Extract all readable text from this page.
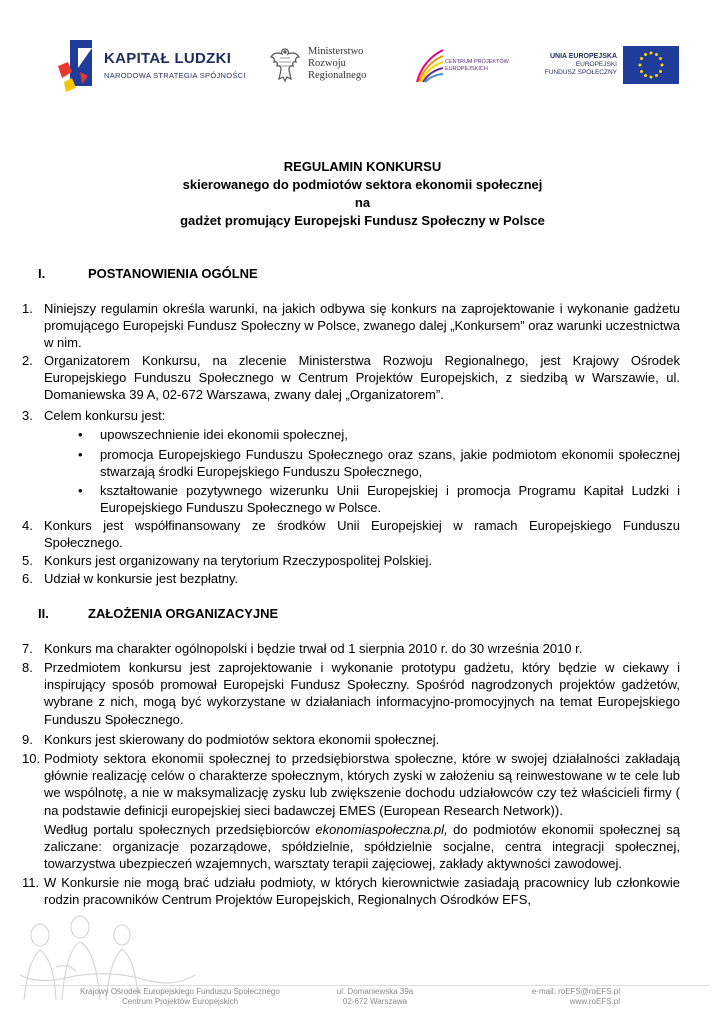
KAPITAŁ LUDZKI
NARODOWA STRATEGIA SPÓJNOŚCI
Ministerstwo
Rozwoju
Regionalnego
CENTRUM PROJEKTÓW
EUROPEJSKICH
UNIA EUROPEJSKA
EUROPEJSKI
FUNDUSZ SPOŁECZNY
REGULAMIN KONKURSU
skierowanego do podmiotów sektora ekonomii społecznej
na
gadżet promujący Europejski Fundusz Społeczny w Polsce
I.	POSTANOWIENIA OGÓLNE
1. Niniejszy regulamin określa warunki, na jakich odbywa się konkurs na zaprojektowanie i wykonanie gadżetu promującego Europejski Fundusz Społeczny w Polsce, zwanego dalej „Konkursem” oraz warunki uczestnictwa w nim.
2. Organizatorem Konkursu, na zlecenie Ministerstwa Rozwoju Regionalnego, jest Krajowy Ośrodek Europejskiego Funduszu Społecznego w Centrum Projektów Europejskich, z siedzibą w Warszawie, ul. Domaniewska 39 A, 02-672 Warszawa, zwany dalej „Organizatorem”.
3. Celem konkursu jest:
• upowszechnienie idei ekonomii społecznej,
• promocja Europejskiego Funduszu Społecznego oraz szans, jakie podmiotom ekonomii społecznej stwarzają środki Europejskiego Funduszu Społecznego,
• kształtowanie pozytywnego wizerunku Unii Europejskiej i promocja Programu Kapitał Ludzki i Europejskiego Funduszu Społecznego w Polsce.
4. Konkurs jest współfinansowany ze środków Unii Europejskiej w ramach Europejskiego Funduszu Społecznego.
5. Konkurs jest organizowany na terytorium Rzeczypospolitej Polskiej.
6. Udział w konkursie jest bezpłatny.
II.	ZAŁOŻENIA ORGANIZACYJNE
7. Konkurs ma charakter ogólnopolski i będzie trwał od 1 sierpnia 2010 r. do 30 września 2010 r.
8. Przedmiotem konkursu jest zaprojektowanie i wykonanie prototypu gadżetu, który będzie w ciekawy i inspirujący sposób promował Europejski Fundusz Społeczny. Spośród nagrodzonych projektów gadżetów, wybrane z nich, mogą być wykorzystane w działaniach informacyjno-promocyjnych na temat Europejskiego Funduszu Społecznego.
9. Konkurs jest skierowany do podmiotów sektora ekonomii społecznej.
10. Podmioty sektora ekonomii społecznej to przedsiębiorstwa społeczne, które w swojej działalności zakładają głównie realizację celów o charakterze społecznym, których zyski w założeniu są reinwestowane w te cele lub we wspólnotę, a nie w maksymalizację zysku lub zwiększenie dochodu udziałowców czy też właścicieli firmy ( na podstawie definicji europejskiej sieci badawczej EMES (European Research Network)).
Według portalu społecznych przedsiębiorców ekonomiaspołeczna.pl, do podmiotów ekonomii społecznej są zaliczane: organizacje pozarządowe, spółdzielnie, spółdzielnie socjalne, centra integracji społecznej, towarzystwa ubezpieczeń wzajemnych, warsztaty terapii zajęciowej, zakłady aktywności zawodowej.
11. W Konkursie nie mogą brać udziału podmioty, w których kierownictwie zasiadają pracownicy lub członkowie rodzin pracowników Centrum Projektów Europejskich, Regionalnych Ośrodków EFS,
Krajowy Ośrodek Europejskiego Funduszu Społecznego
Centrum Projektów Europejskich
ul. Domaniewska 39a
02-672 Warszawa
e-mail: roEFS@roEFS.pl
www.roEFS.pl
